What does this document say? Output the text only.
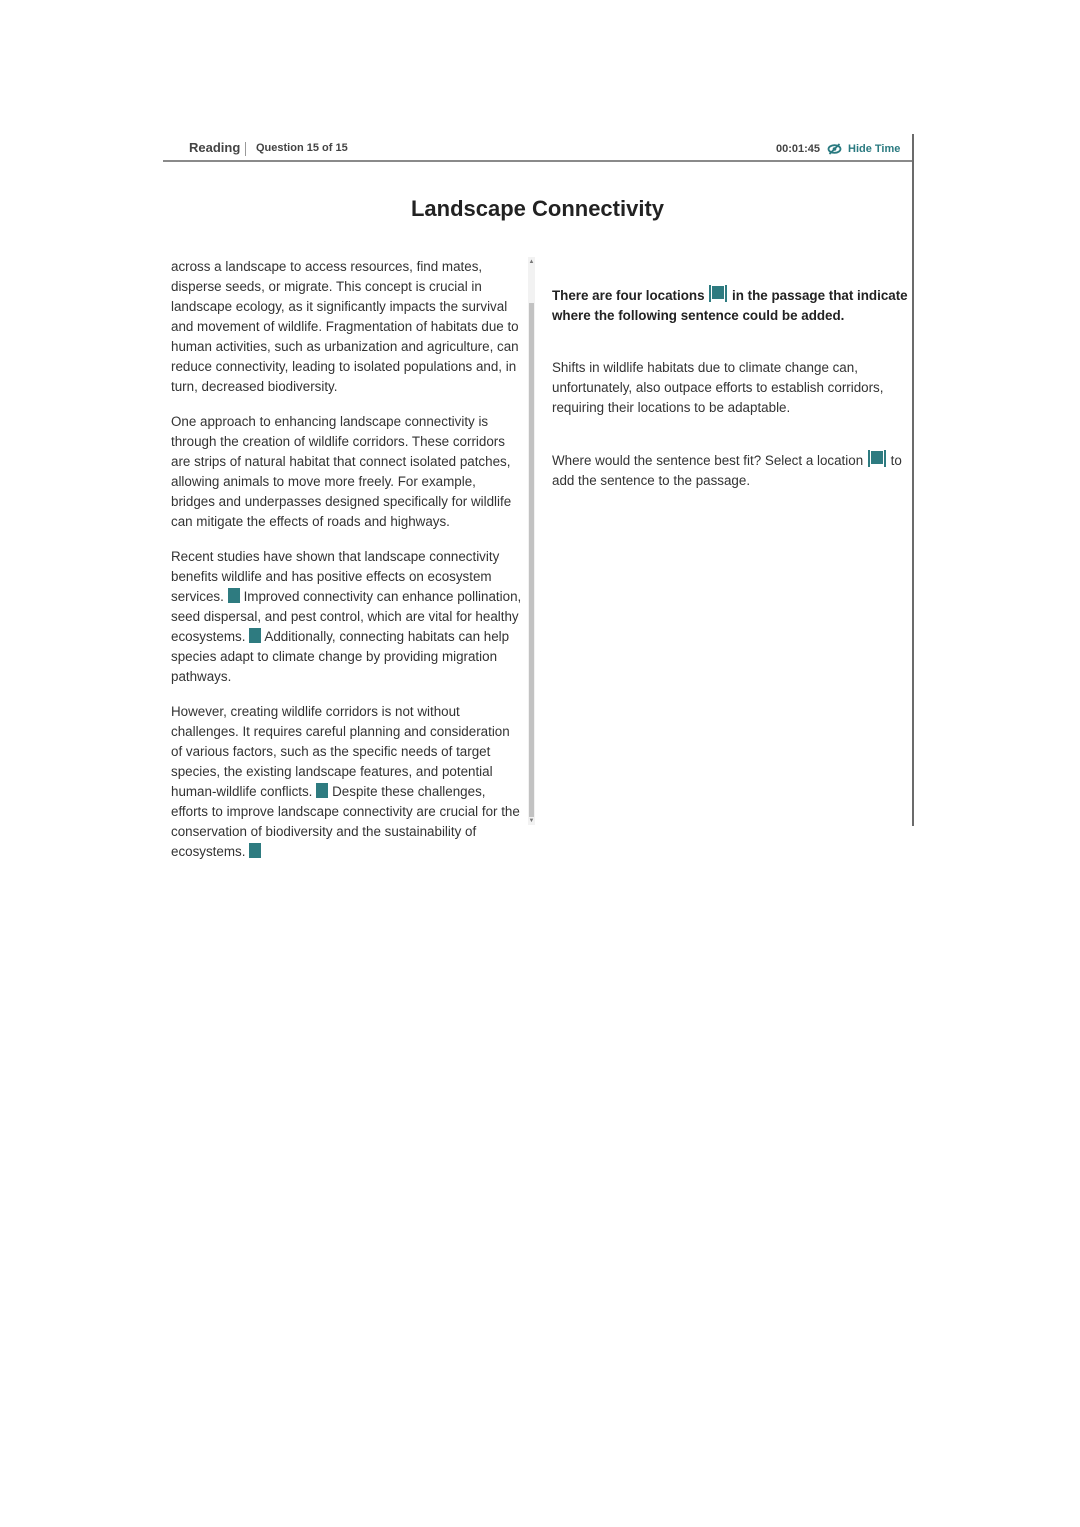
Reading Question 15 of 15	00:01:45	Hide Time
Landscape Connectivity

across a landscape to access resources, find mates, disperse seeds, or migrate. This concept is crucial in landscape ecology, as it significantly impacts the survival and movement of wildlife. Fragmentation of habitats due to human activities, such as urbanization and agriculture, can reduce connectivity, leading to isolated populations and, in turn, decreased biodiversity.

One approach to enhancing landscape connectivity is through the creation of wildlife corridors. These corridors are strips of natural habitat that connect isolated patches, allowing animals to move more freely. For example, bridges and underpasses designed specifically for wildlife can mitigate the effects of roads and highways.

Recent studies have shown that landscape connectivity benefits wildlife and has positive effects on ecosystem services. Improved connectivity can enhance pollination, seed dispersal, and pest control, which are vital for healthy ecosystems. Additionally, connecting habitats can help species adapt to climate change by providing migration pathways.

However, creating wildlife corridors is not without challenges. It requires careful planning and consideration of various factors, such as the specific needs of target species, the existing landscape features, and potential human-wildlife conflicts. Despite these challenges, efforts to improve landscape connectivity are crucial for the conservation of biodiversity and the sustainability of ecosystems.

▲
▼

There are four locations in the passage that indicate where the following sentence could be added.

Shifts in wildlife habitats due to climate change can, unfortunately, also outpace efforts to establish corridors, requiring their locations to be adaptable.

Where would the sentence best fit? Select a location to add the sentence to the passage.
